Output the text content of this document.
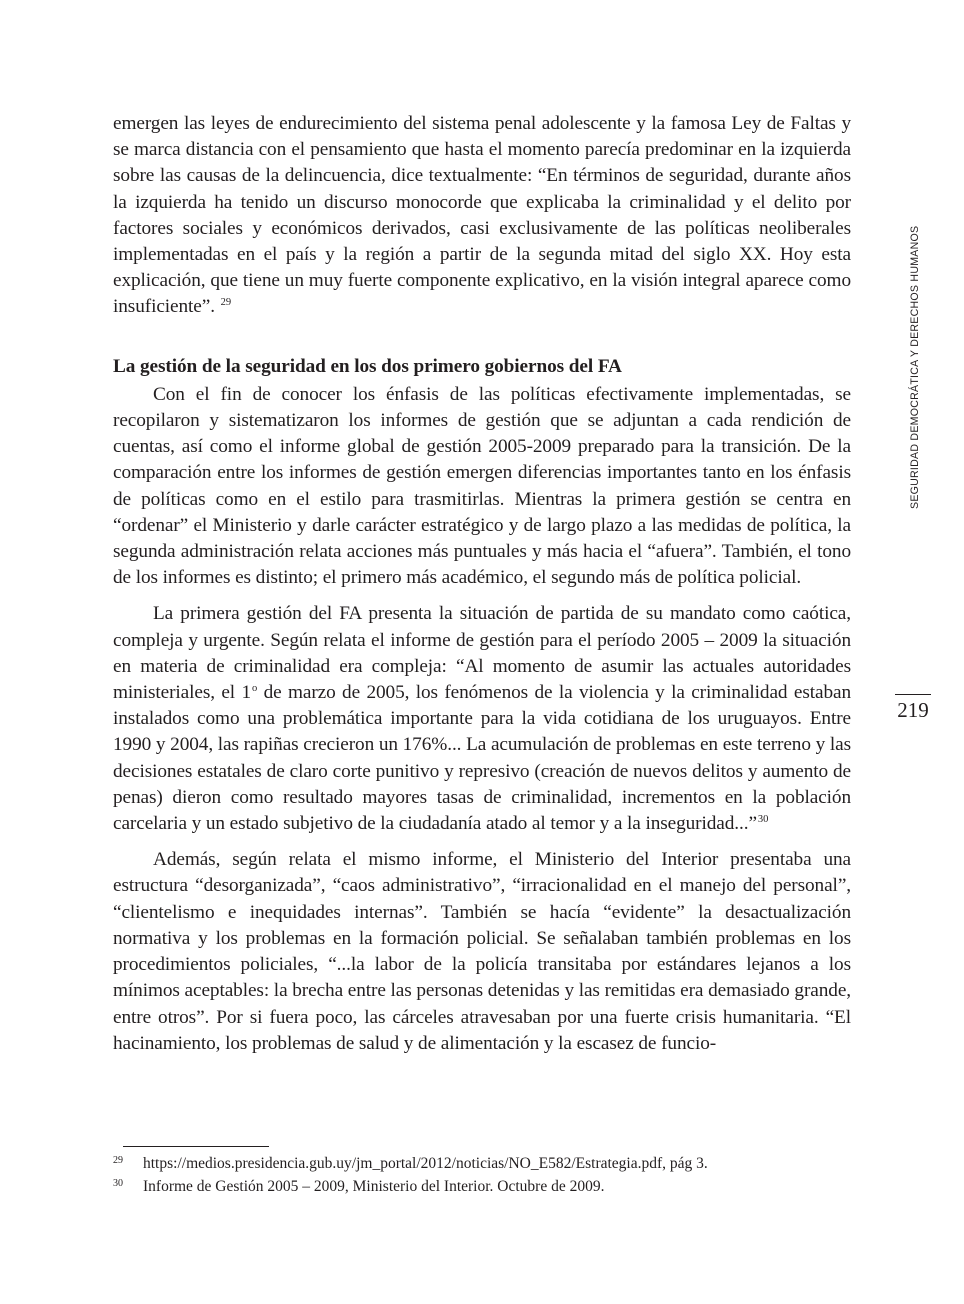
emergen las leyes de endurecimiento del sistema penal adolescente y la famosa Ley de Faltas y se marca distancia con el pensamiento que hasta el momento parecía predominar en la izquierda sobre las causas de la delincuencia, dice textualmente: “En términos de seguridad, durante años la izquierda ha tenido un discurso monocorde que explicaba la criminalidad y el delito por factores sociales y económicos derivados, casi exclusivamente de las políticas neoliberales implementadas en el país y la región a partir de la segunda mitad del siglo XX. Hoy esta explicación, que tiene un muy fuerte componente explicativo, en la visión integral aparece como insuficiente”. $^{29}$

La gestión de la seguridad en los dos primero gobiernos del FA

Con el fin de conocer los énfasis de las políticas efectivamente implementadas, se recopilaron y sistematizaron los informes de gestión que se adjuntan a cada rendición de cuentas, así como el informe global de gestión 2005-2009 preparado para la transición. De la comparación entre los informes de gestión emergen diferencias importantes tanto en los énfasis de políticas como en el estilo para trasmitirlas. Mientras la primera gestión se centra en “ordenar” el Ministerio y darle carácter estratégico y de largo plazo a las medidas de política, la segunda administración relata acciones más puntuales y más hacia el “afuera”. También, el tono de los informes es distinto; el primero más académico, el segundo más de política policial.

La primera gestión del FA presenta la situación de partida de su mandato como caótica, compleja y urgente. Según relata el informe de gestión para el período 2005 – 2009 la situación en materia de criminalidad era compleja: “Al momento de asumir las actuales autoridades ministeriales, el 1$^o$ de marzo de 2005, los fenómenos de la violencia y la criminalidad estaban instalados como una problemática importante para la vida cotidiana de los uruguayos. Entre 1990 y 2004, las rapiñas crecieron un 176%... La acumulación de problemas en este terreno y las decisiones estatales de claro corte punitivo y represivo (creación de nuevos delitos y aumento de penas) dieron como resultado mayores tasas de criminalidad, incrementos en la población carcelaria y un estado subjetivo de la ciudadanía atado al temor y a la inseguridad...”$^{30}$

Además, según relata el mismo informe, el Ministerio del Interior presentaba una estructura “desorganizada”, “caos administrativo”, “irracionalidad en el manejo del personal”, “clientelismo e inequidades internas”. También se hacía “evidente” la desactualización normativa y los problemas en la formación policial. Se señalaban también problemas en los procedimientos policiales, “...la labor de la policía transitaba por estándares lejanos a los mínimos aceptables: la brecha entre las personas detenidas y las remitidas era demasiado grande, entre otros”. Por si fuera poco, las cárceles atravesaban por una fuerte crisis humanitaria. “El hacinamiento, los problemas de salud y de alimentación y la escasez de funcio-

29	https://medios.presidencia.gub.uy/jm_portal/2012/noticias/NO_E582/Estrategia.pdf, pág 3.
30	Informe de Gestión 2005 – 2009, Ministerio del Interior. Octubre de 2009.
SEGURIDAD DEMOCRÁTICA Y DERECHOS HUMANOS
219
